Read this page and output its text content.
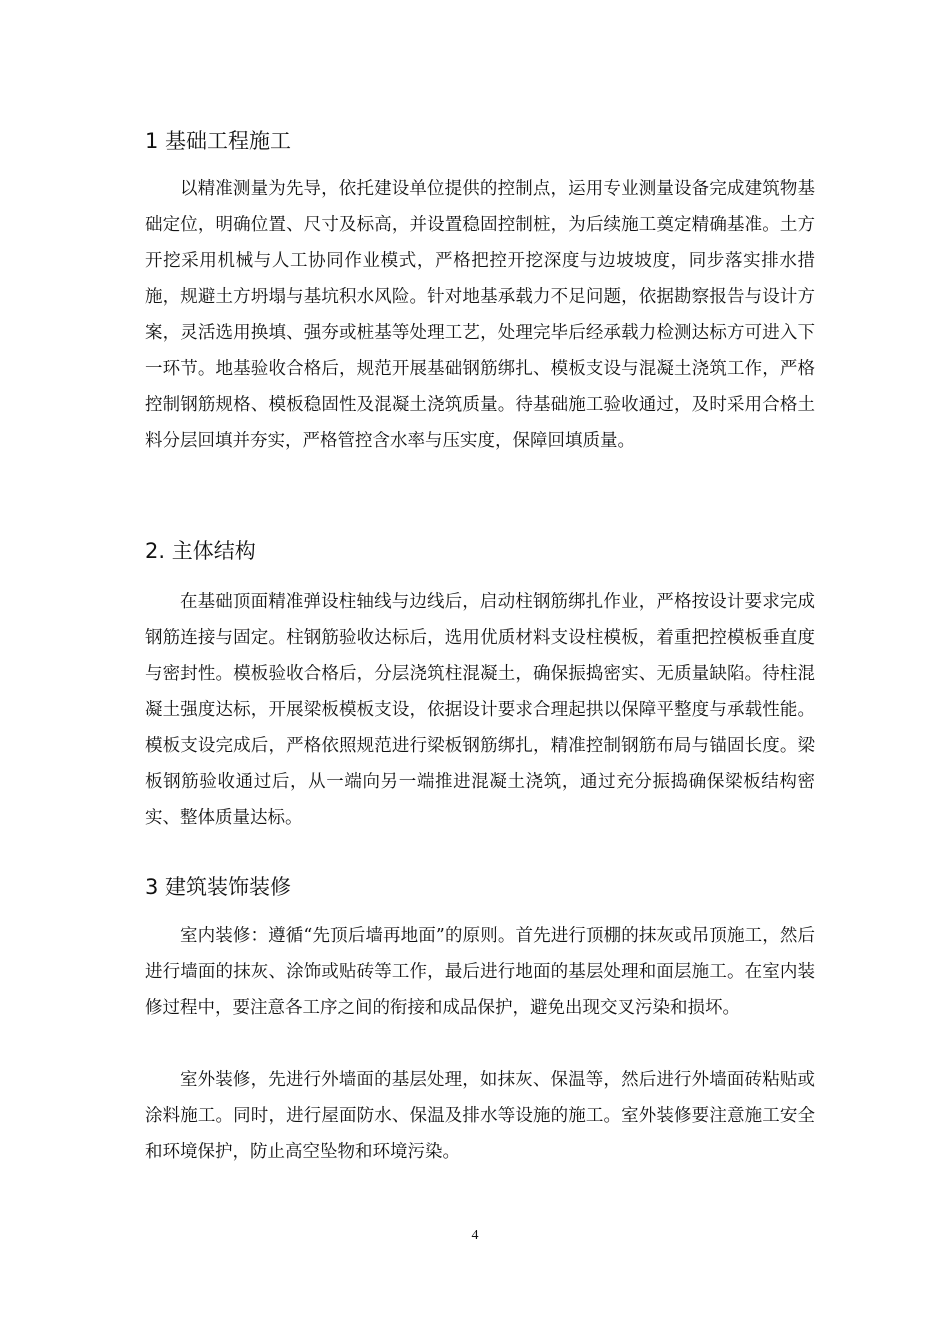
1 基础工程施工

以精准测量为先导，依托建设单位提供的控制点，运用专业测量设备完成建筑物基础定位，明确位置、尺寸及标高，并设置稳固控制桩，为后续施工奠定精确基准。土方开挖采用机械与人工协同作业模式，严格把控开挖深度与边坡坡度，同步落实排水措施，规避土方坍塌与基坑积水风险。针对地基承载力不足问题，依据勘察报告与设计方案，灵活选用换填、强夯或桩基等处理工艺，处理完毕后经承载力检测达标方可进入下一环节。地基验收合格后，规范开展基础钢筋绑扎、模板支设与混凝土浇筑工作，严格控制钢筋规格、模板稳固性及混凝土浇筑质量。待基础施工验收通过，及时采用合格土料分层回填并夯实，严格管控含水率与压实度，保障回填质量。

2. 主体结构

在基础顶面精准弹设柱轴线与边线后，启动柱钢筋绑扎作业，严格按设计要求完成钢筋连接与固定。柱钢筋验收达标后，选用优质材料支设柱模板，着重把控模板垂直度与密封性。模板验收合格后，分层浇筑柱混凝土，确保振捣密实、无质量缺陷。待柱混凝土强度达标，开展梁板模板支设，依据设计要求合理起拱以保障平整度与承载性能。模板支设完成后，严格依照规范进行梁板钢筋绑扎，精准控制钢筋布局与锚固长度。梁板钢筋验收通过后，从一端向另一端推进混凝土浇筑，通过充分振捣确保梁板结构密实、整体质量达标。

3 建筑装饰装修

室内装修：遵循“先顶后墙再地面”的原则。首先进行顶棚的抹灰或吊顶施工，然后进行墙面的抹灰、涂饰或贴砖等工作，最后进行地面的基层处理和面层施工。在室内装修过程中，要注意各工序之间的衔接和成品保护，避免出现交叉污染和损坏。

室外装修，先进行外墙面的基层处理，如抹灰、保温等，然后进行外墙面砖粘贴或涂料施工。同时，进行屋面防水、保温及排水等设施的施工。室外装修要注意施工安全和环境保护，防止高空坠物和环境污染。

4
